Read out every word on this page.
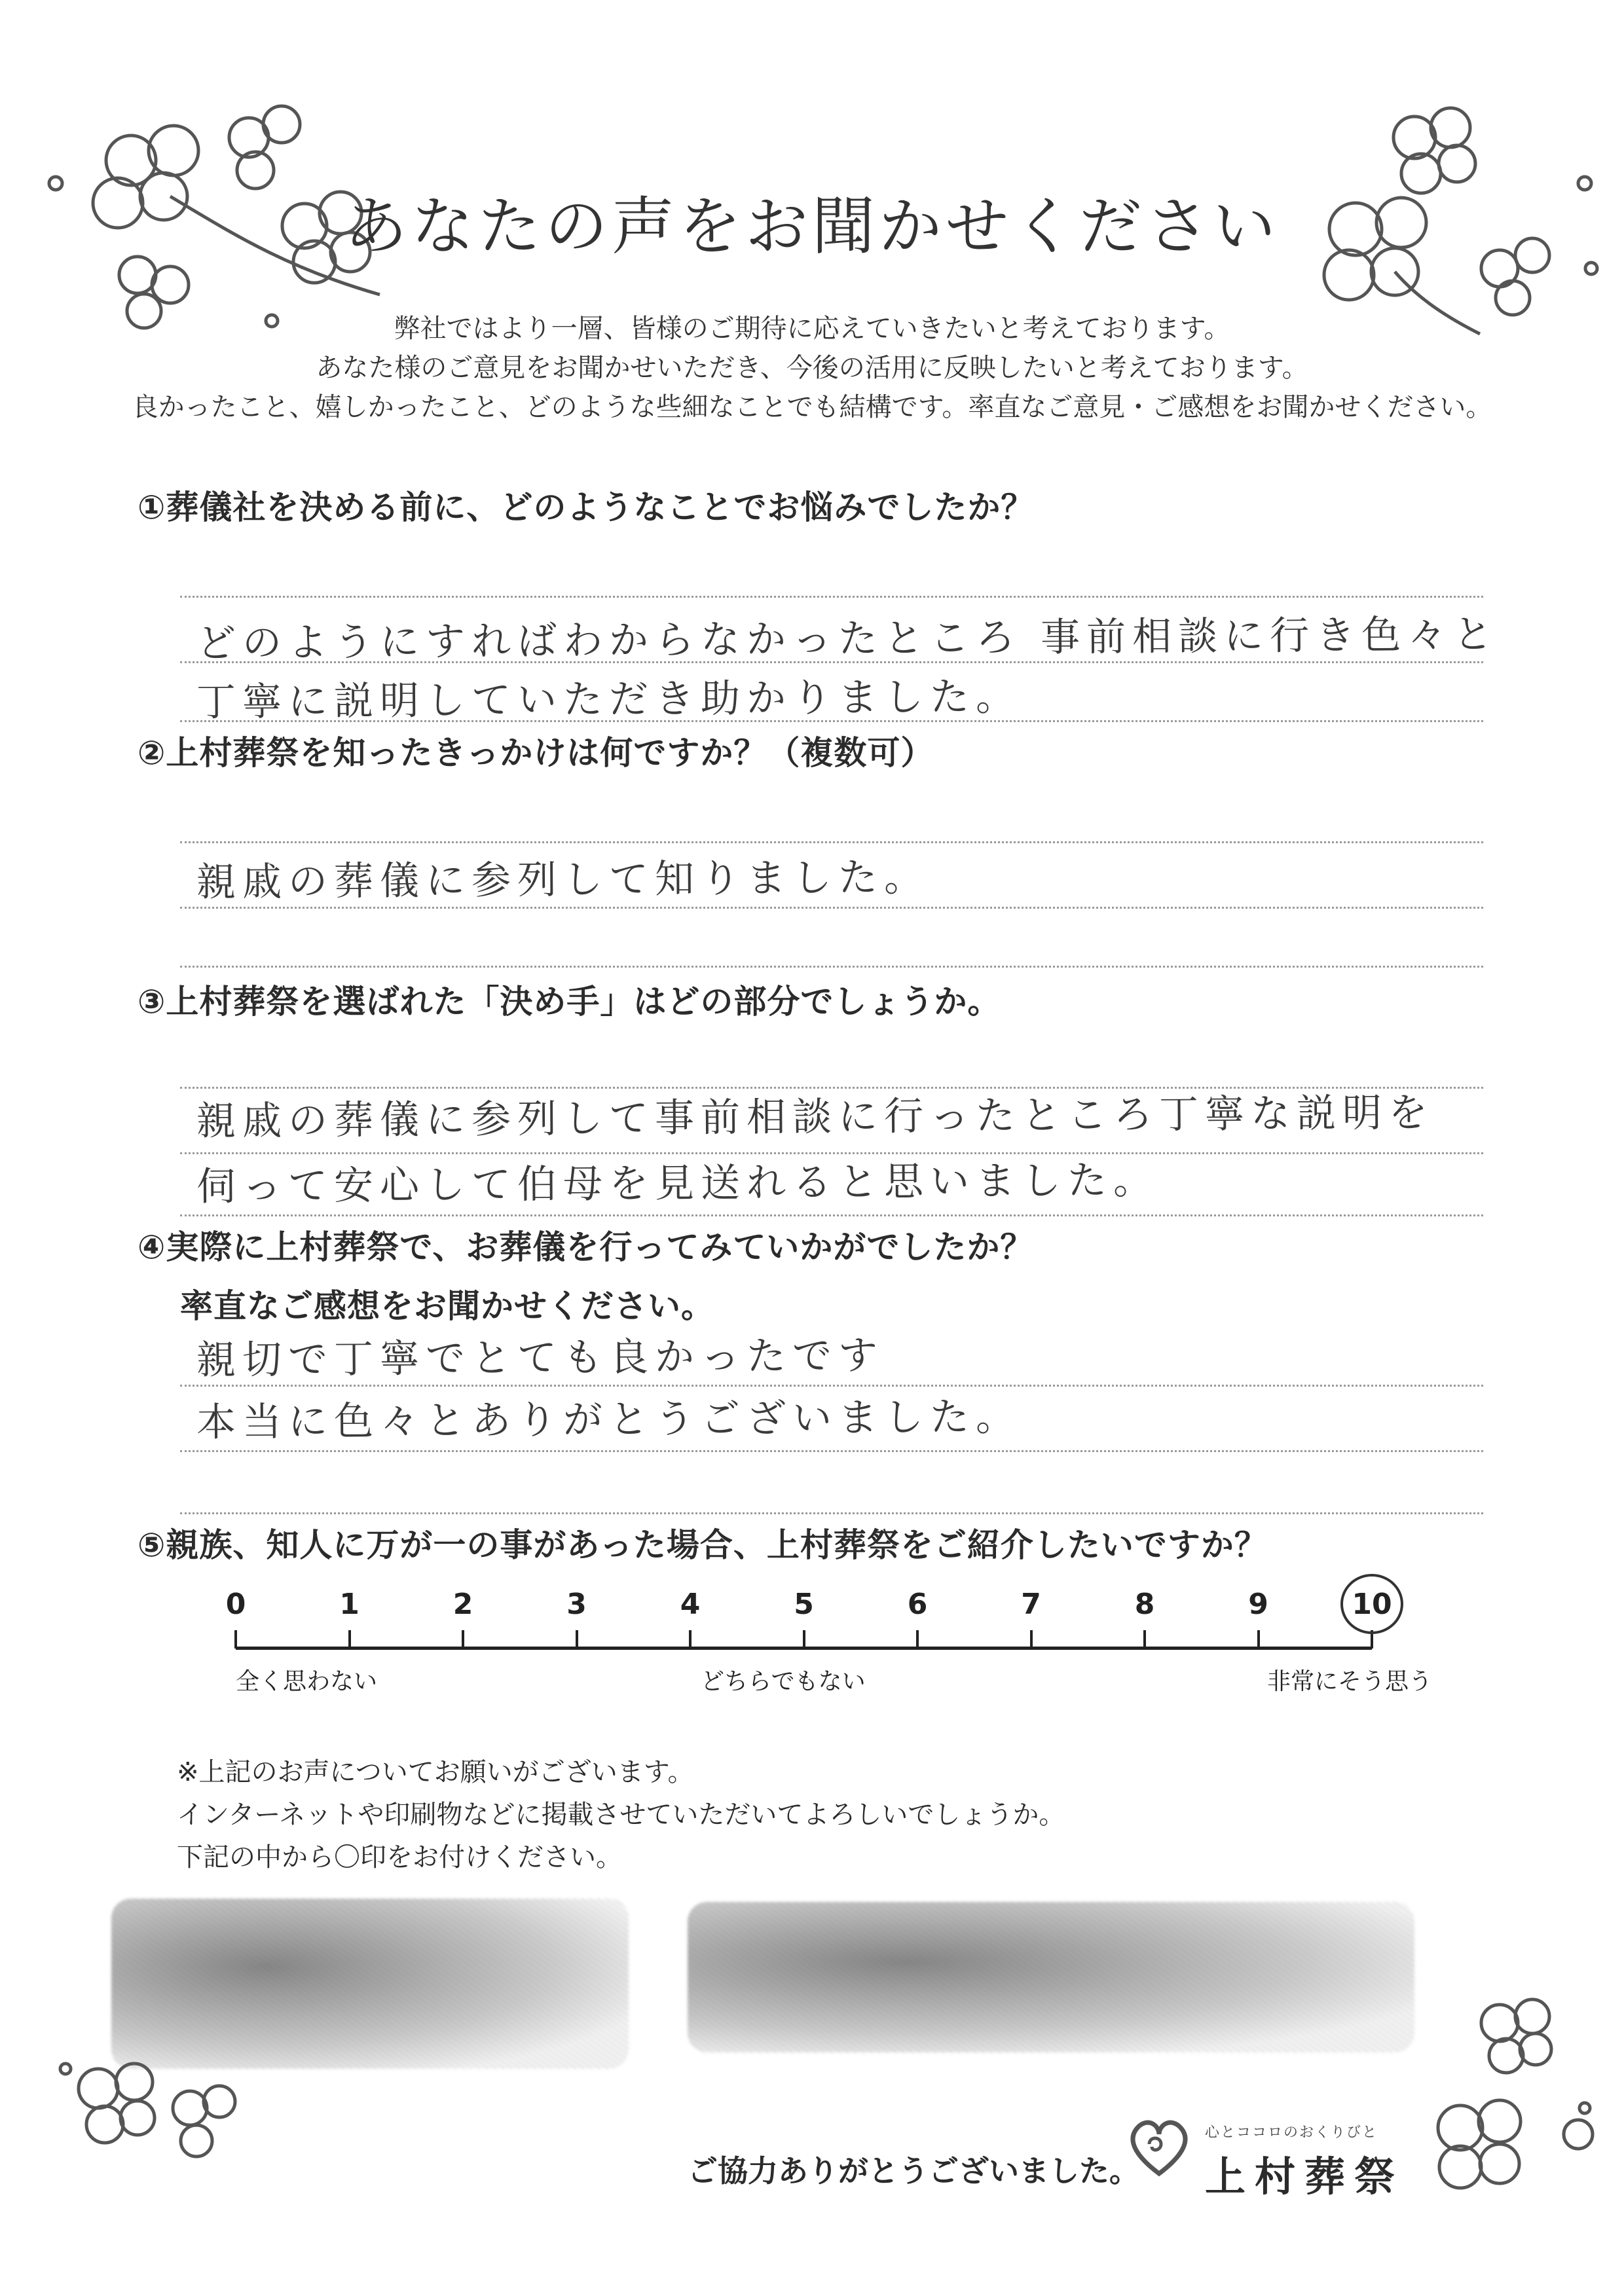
あなたの声をお聞かせください
弊社ではより一層、皆様のご期待に応えていきたいと考えております。
あなた様のご意見をお聞かせいただき、今後の活用に反映したいと考えております。
良かったこと、嬉しかったこと、どのような些細なことでも結構です。率直なご意見・ご感想をお聞かせください。
①葬儀社を決める前に、どのようなことでお悩みでしたか？
どのようにすればわからなかったところ 事前相談に行き色々と
丁寧に説明していただき助かりました。
②上村葬祭を知ったきっかけは何ですか？（複数可）
親戚の葬儀に参列して知りました。
③上村葬祭を選ばれた「決め手」はどの部分でしょうか。
親戚の葬儀に参列して事前相談に行ったところ丁寧な説明を
伺って安心して伯母を見送れると思いました。
④実際に上村葬祭で、お葬儀を行ってみていかがでしたか？
率直なご感想をお聞かせください。
親切で丁寧でとても良かったです
本当に色々とありがとうございました。
⑤親族、知人に万が一の事があった場合、上村葬祭をご紹介したいですか？
0	1	2	3	4	5	6	7	8	9	10
全く思わない	どちらでもない	非常にそう思う
※上記のお声についてお願いがございます。
インターネットや印刷物などに掲載させていただいてよろしいでしょうか。
下記の中から〇印をお付けください。
ご協力ありがとうございました。
心とココロのおくりびと
上村葬祭
